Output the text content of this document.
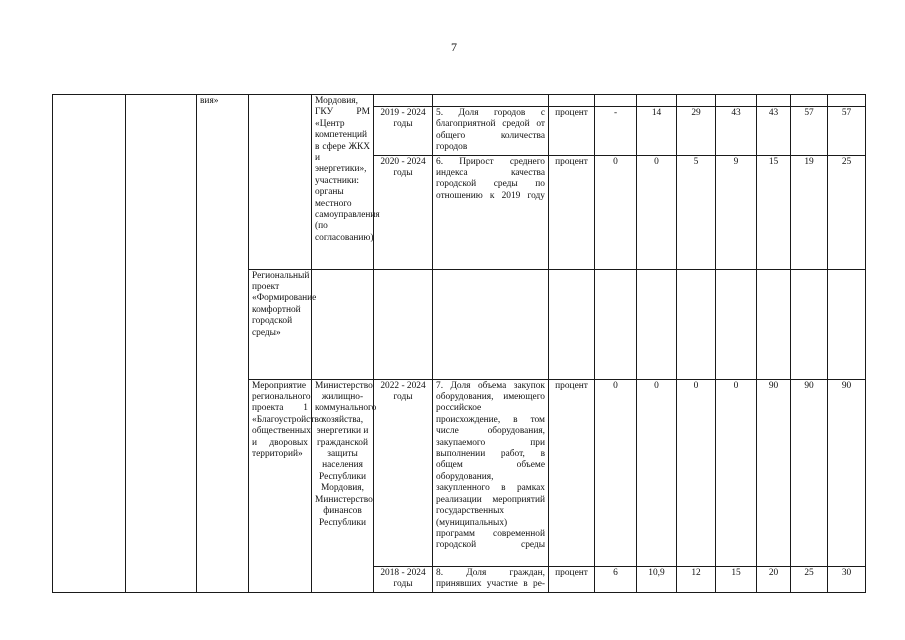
7
		вия»		Мордовия,
ГКУ РМ «Центр компетенций в сфере ЖКХ и энергетики», участники: органы местного самоуправления (по согласованию)										
					2019 - 2024 годы	5. Доля городов с благоприятной средой от общего количества городов	процент	-	14	29	43	43	57	57
					2020 - 2024 годы	6. Прирост среднего индекса качества городской среды по отношению к 2019 году	процент	0	0	5	9	15	19	25
			Региональный проект «Формирование комфортной городской среды»											
			Мероприятие регионального проекта 1 «Благоустройство общественных и дворовых территорий»	Министерство жилищно-коммунального хозяйства, энергетики и гражданской защиты населения Республики Мордовия, Министерство финансов Республики	2022 - 2024 годы	7. Доля объема закупок оборудования, имеющего российское происхождение, в том числе оборудования, закупаемого при выполнении работ, в общем объеме оборудования, закупленного в рамках реализации мероприятий государственных (муниципальных) программ современной городской среды	процент	0	0	0	0	90	90	90
					2018 - 2024 годы	8. Доля граждан, принявших участие в ре-	процент	6	10,9	12	15	20	25	30
